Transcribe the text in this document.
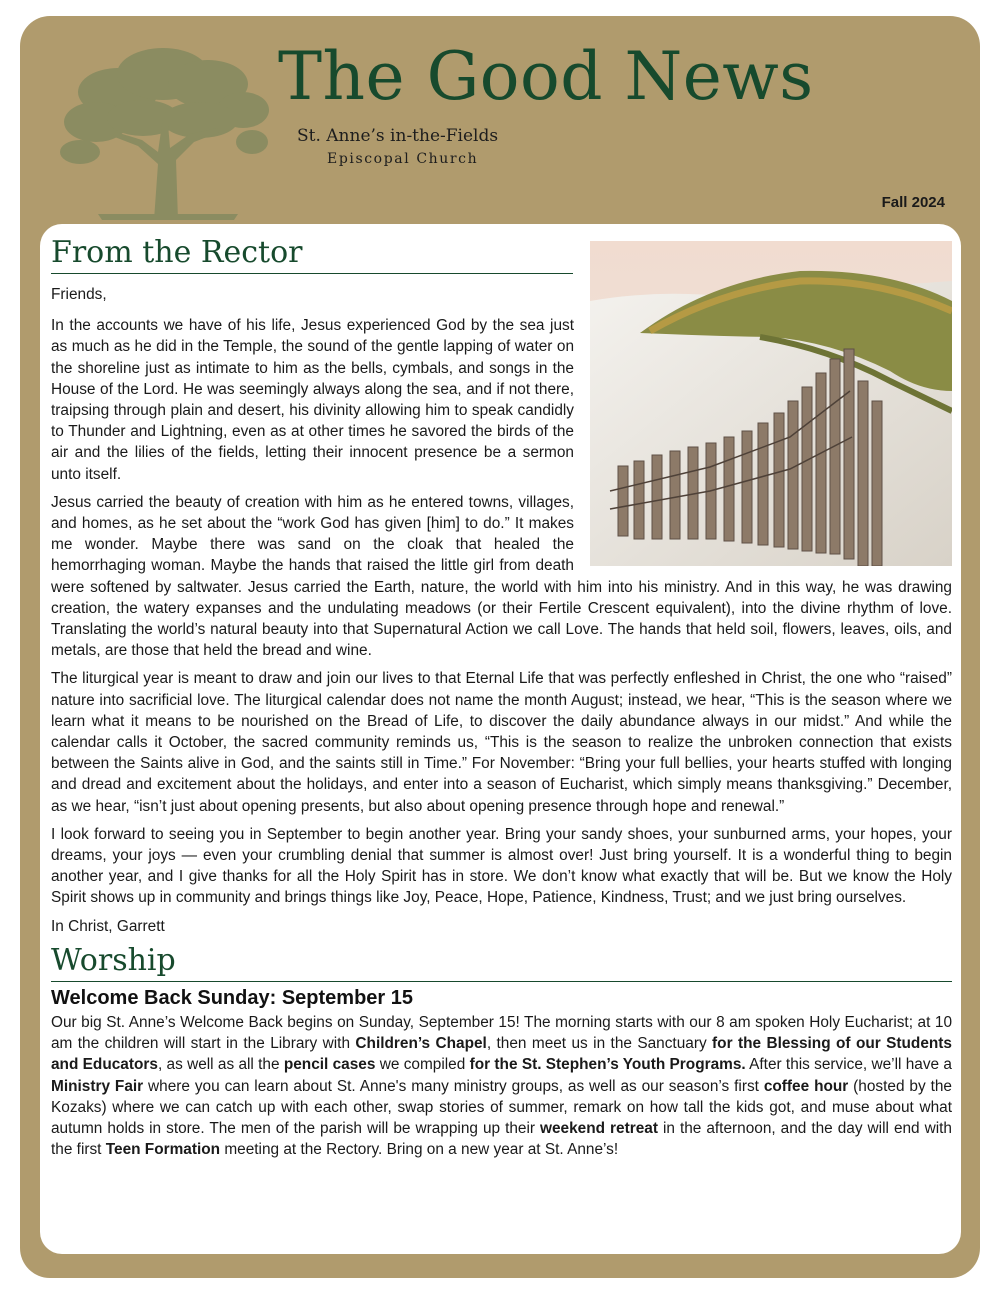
The Good News
St. Anne’s in-the-Fields
Episcopal Church
Fall 2024
From the Rector

Friends,

In the accounts we have of his life, Jesus experienced God by the sea just as much as he did in the Temple, the sound of the gentle lapping of water on the shoreline just as intimate to him as the bells, cymbals, and songs in the House of the Lord. He was seemingly always along the sea, and if not there, traipsing through plain and desert, his divinity allowing him to speak candidly to Thunder and Lightning, even as at other times he savored the birds of the air and the lilies of the fields, letting their innocent presence be a sermon unto itself.

Jesus carried the beauty of creation with him as he entered towns, villages, and homes, as he set about the “work God has given [him] to do.” It makes me wonder. Maybe there was sand on the cloak that healed the hemorrhaging woman. Maybe the hands that raised the little girl from death were softened by saltwater. Jesus carried the Earth, nature, the world with him into his ministry. And in this way, he was drawing creation, the watery expanses and the undulating meadows (or their Fertile Crescent equivalent), into the divine rhythm of love. Translating the world’s natural beauty into that Supernatural Action we call Love. The hands that held soil, flowers, leaves, oils, and metals, are those that held the bread and wine.

The liturgical year is meant to draw and join our lives to that Eternal Life that was perfectly enfleshed in Christ, the one who “raised” nature into sacrificial love. The liturgical calendar does not name the month August; instead, we hear, “This is the season where we learn what it means to be nourished on the Bread of Life, to discover the daily abundance always in our midst.” And while the calendar calls it October, the sacred community reminds us, “This is the season to realize the unbroken connection that exists between the Saints alive in God, and the saints still in Time.” For November: “Bring your full bellies, your hearts stuffed with longing and dread and excitement about the holidays, and enter into a season of Eucharist, which simply means thanksgiving.” December, as we hear, “isn’t just about opening presents, but also about opening presence through hope and renewal.”

I look forward to seeing you in September to begin another year. Bring your sandy shoes, your sunburned arms, your hopes, your dreams, your joys — even your crumbling denial that summer is almost over! Just bring yourself. It is a wonderful thing to begin another year, and I give thanks for all the Holy Spirit has in store. We don’t know what exactly that will be. But we know the Holy Spirit shows up in community and brings things like Joy, Peace, Hope, Patience, Kindness, Trust; and we just bring ourselves.

In Christ, Garrett

Worship
Welcome Back Sunday: September 15

Our big St. Anne’s Welcome Back begins on Sunday, September 15! The morning starts with our 8 am spoken Holy Eucharist; at 10 am the children will start in the Library with Children’s Chapel, then meet us in the Sanctuary for the Blessing of our Students and Educators, as well as all the pencil cases we compiled for the St. Stephen’s Youth Programs. After this service, we’ll have a Ministry Fair where you can learn about St. Anne's many ministry groups, as well as our season’s first coffee hour (hosted by the Kozaks) where we can catch up with each other, swap stories of summer, remark on how tall the kids got, and muse about what autumn holds in store. The men of the parish will be wrapping up their weekend retreat in the afternoon, and the day will end with the first Teen Formation meeting at the Rectory. Bring on a new year at St. Anne’s!
